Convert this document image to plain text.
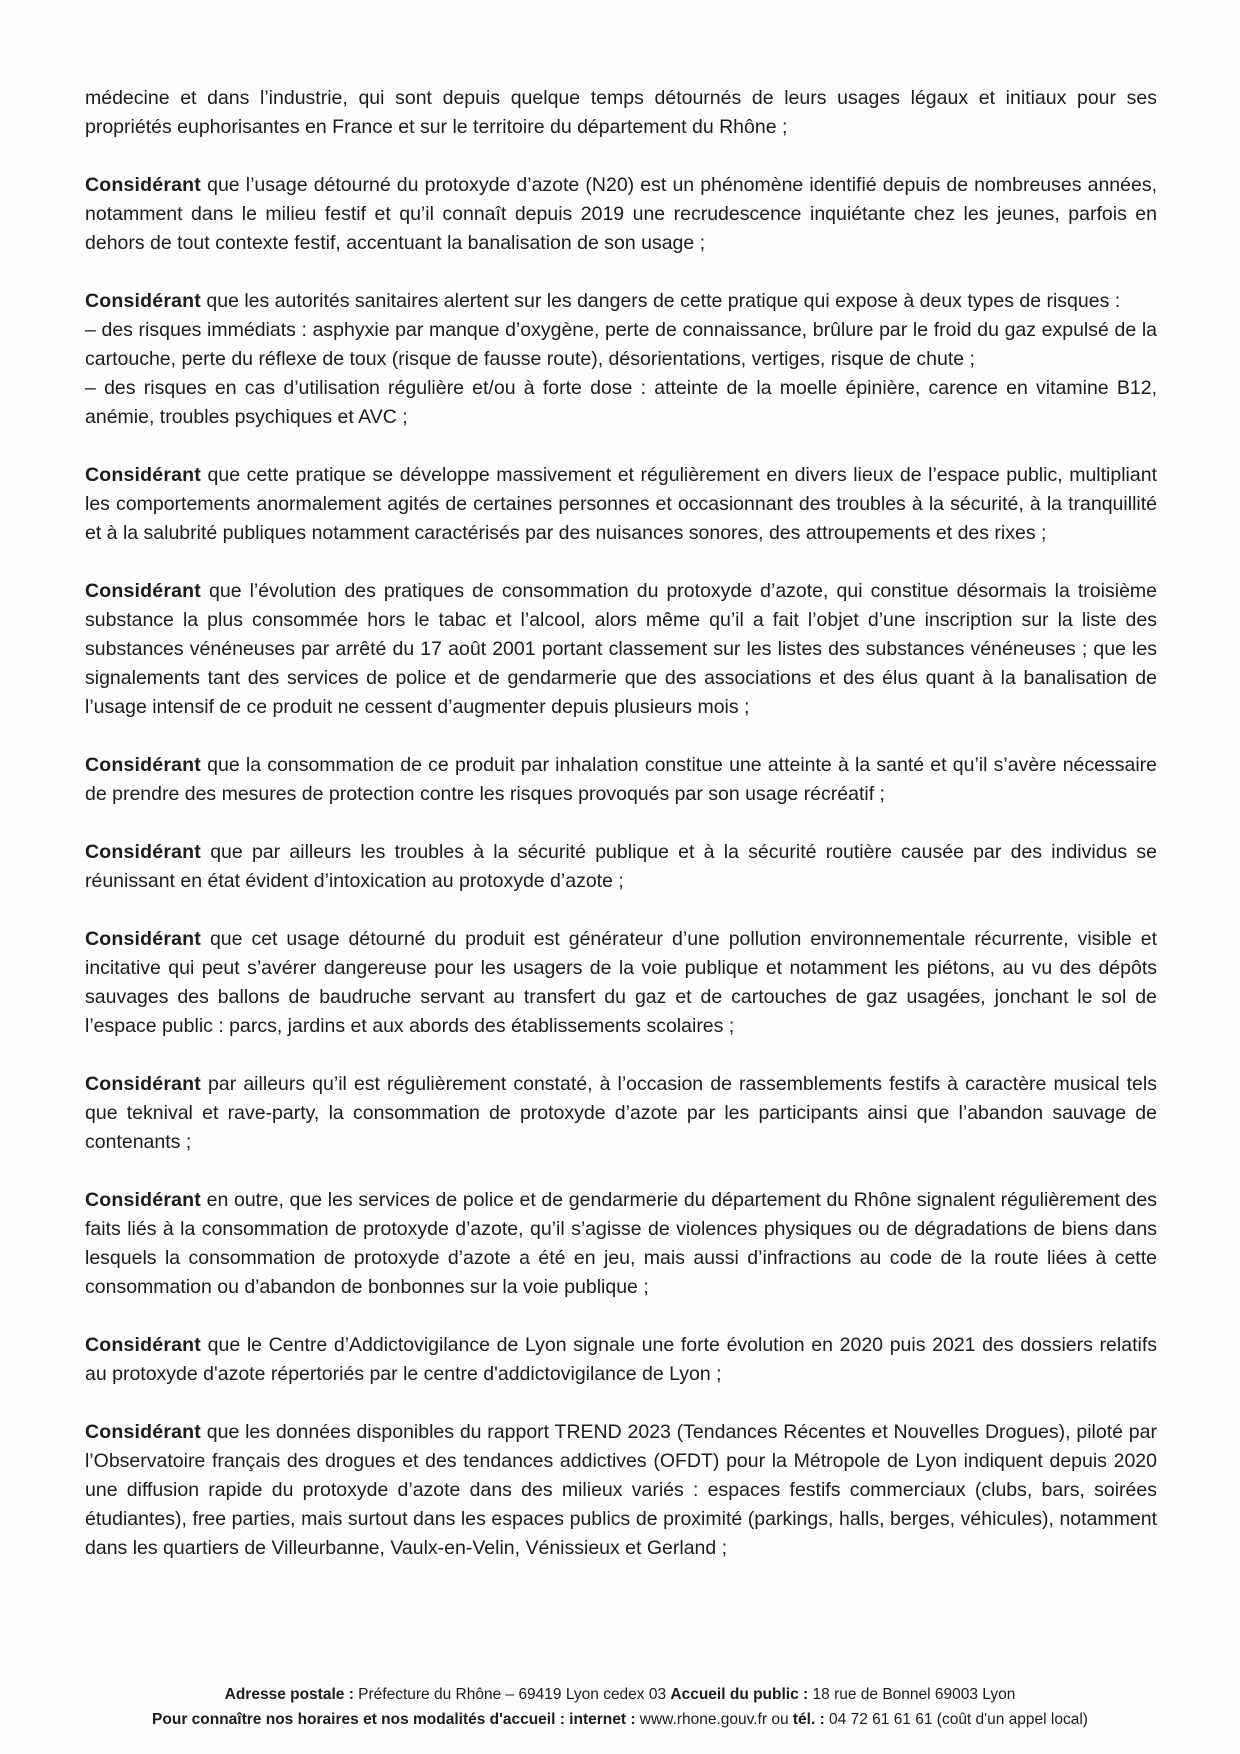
médecine et dans l’industrie, qui sont depuis quelque temps détournés de leurs usages légaux et initiaux pour ses propriétés euphorisantes en France et sur le territoire du département du Rhône ;

Considérant que l’usage détourné du protoxyde d’azote (N20) est un phénomène identifié depuis de nombreuses années, notamment dans le milieu festif et qu’il connaît depuis 2019 une recrudescence inquiétante chez les jeunes, parfois en dehors de tout contexte festif, accentuant la banalisation de son usage ;

Considérant que les autorités sanitaires alertent sur les dangers de cette pratique qui expose à deux types de risques :

– des risques immédiats : asphyxie par manque d’oxygène, perte de connaissance, brûlure par le froid du gaz expulsé de la cartouche, perte du réflexe de toux (risque de fausse route), désorientations, vertiges, risque de chute ;

– des risques en cas d’utilisation régulière et/ou à forte dose : atteinte de la moelle épinière, carence en vitamine B12, anémie, troubles psychiques et AVC ;

Considérant que cette pratique se développe massivement et régulièrement en divers lieux de l’espace public, multipliant les comportements anormalement agités de certaines personnes et occasionnant des troubles à la sécurité, à la tranquillité et à la salubrité publiques notamment caractérisés par des nuisances sonores, des attroupements et des rixes ;

Considérant que l’évolution des pratiques de consommation du protoxyde d’azote, qui constitue désormais la troisième substance la plus consommée hors le tabac et l’alcool, alors même qu’il a fait l’objet d’une inscription sur la liste des substances vénéneuses par arrêté du 17 août 2001 portant classement sur les listes des substances vénéneuses ; que les signalements tant des services de police et de gendarmerie que des associations et des élus quant à la banalisation de l’usage intensif de ce produit ne cessent d’augmenter depuis plusieurs mois ;

Considérant que la consommation de ce produit par inhalation constitue une atteinte à la santé et qu’il s’avère nécessaire de prendre des mesures de protection contre les risques provoqués par son usage récréatif ;

Considérant que par ailleurs les troubles à la sécurité publique et à la sécurité routière causée par des individus se réunissant en état évident d’intoxication au protoxyde d’azote ;

Considérant que cet usage détourné du produit est générateur d’une pollution environnementale récurrente, visible et incitative qui peut s’avérer dangereuse pour les usagers de la voie publique et notamment les piétons, au vu des dépôts sauvages des ballons de baudruche servant au transfert du gaz et de cartouches de gaz usagées, jonchant le sol de l’espace public : parcs, jardins et aux abords des établissements scolaires ;

Considérant par ailleurs qu’il est régulièrement constaté, à l’occasion de rassemblements festifs à caractère musical tels que teknival et rave-party, la consommation de protoxyde d’azote par les participants ainsi que l’abandon sauvage de contenants ;

Considérant en outre, que les services de police et de gendarmerie du département du Rhône signalent régulièrement des faits liés à la consommation de protoxyde d’azote, qu’il s’agisse de violences physiques ou de dégradations de biens dans lesquels la consommation de protoxyde d’azote a été en jeu, mais aussi d’infractions au code de la route liées à cette consommation ou d’abandon de bonbonnes sur la voie publique ;

Considérant que le Centre d’Addictovigilance de Lyon signale une forte évolution en 2020 puis 2021 des dossiers relatifs au protoxyde d'azote répertoriés par le centre d'addictovigilance de Lyon ;

Considérant que les données disponibles du rapport TREND 2023 (Tendances Récentes et Nouvelles Drogues), piloté par l’Observatoire français des drogues et des tendances addictives (OFDT) pour la Métropole de Lyon indiquent depuis 2020 une diffusion rapide du protoxyde d’azote dans des milieux variés : espaces festifs commerciaux (clubs, bars, soirées étudiantes), free parties, mais surtout dans les espaces publics de proximité (parkings, halls, berges, véhicules), notamment dans les quartiers de Villeurbanne, Vaulx-en-Velin, Vénissieux et Gerland ;

Adresse postale : Préfecture du Rhône – 69419 Lyon cedex 03 Accueil du public : 18 rue de Bonnel 69003 Lyon
Pour connaître nos horaires et nos modalités d'accueil : internet : www.rhone.gouv.fr ou tél. : 04 72 61 61 61 (coût d'un appel local)
